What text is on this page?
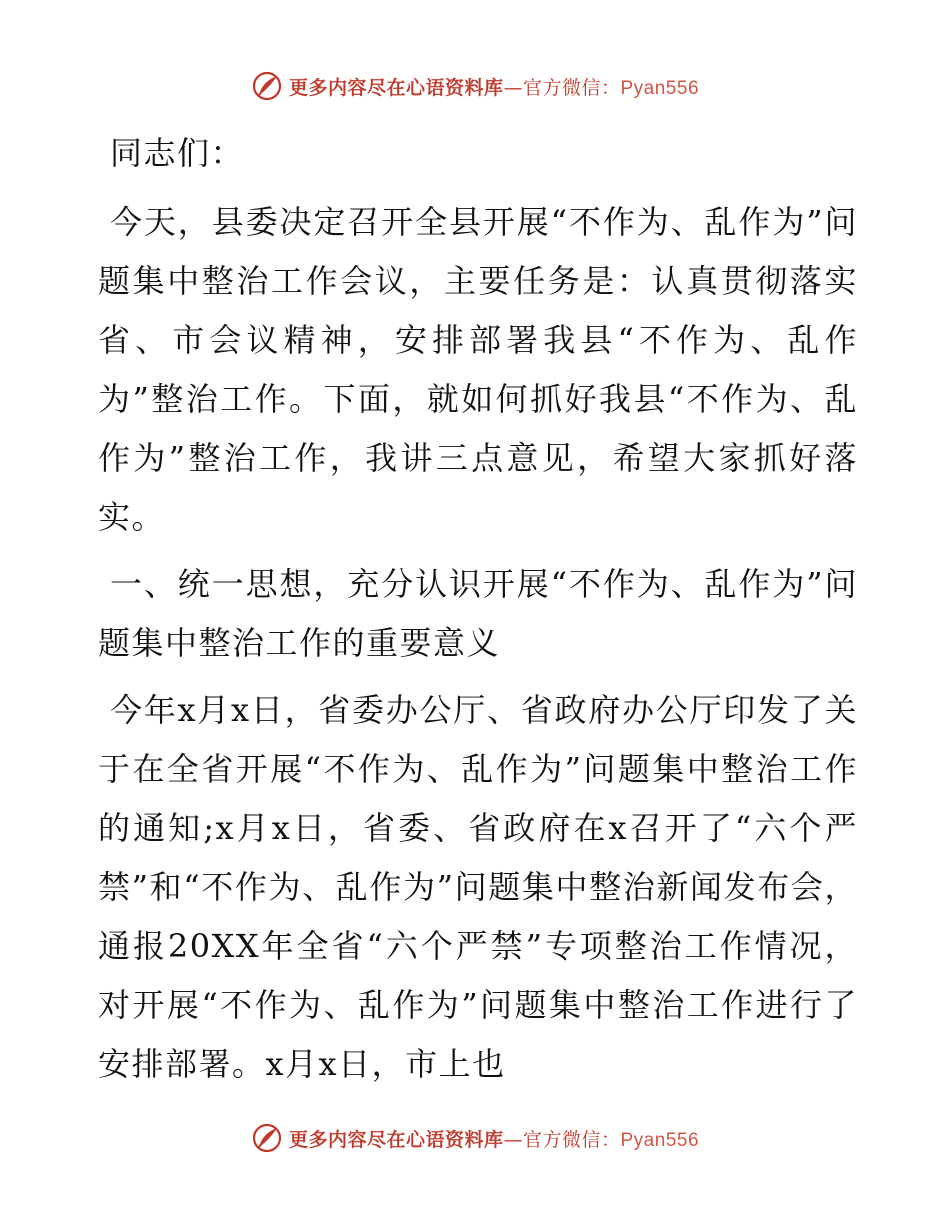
更多内容尽在心语资料库—官方微信：Pyan556

同志们：

今天，县委决定召开全县开展“不作为、乱作为”问题集中整治工作会议，主要任务是：认真贯彻落实省、市会议精神，安排部署我县“不作为、乱作为”整治工作。下面，就如何抓好我县“不作为、乱作为”整治工作，我讲三点意见，希望大家抓好落实。

一、统一思想，充分认识开展“不作为、乱作为”问题集中整治工作的重要意义

今年x月x日，省委办公厅、省政府办公厅印发了关于在全省开展“不作为、乱作为”问题集中整治工作的通知;x月x日，省委、省政府在x召开了“六个严禁”和“不作为、乱作为”问题集中整治新闻发布会，通报20XX年全省“六个严禁”专项整治工作情况，对开展“不作为、乱作为”问题集中整治工作进行了安排部署。x月x日，市上也

更多内容尽在心语资料库—官方微信：Pyan556
